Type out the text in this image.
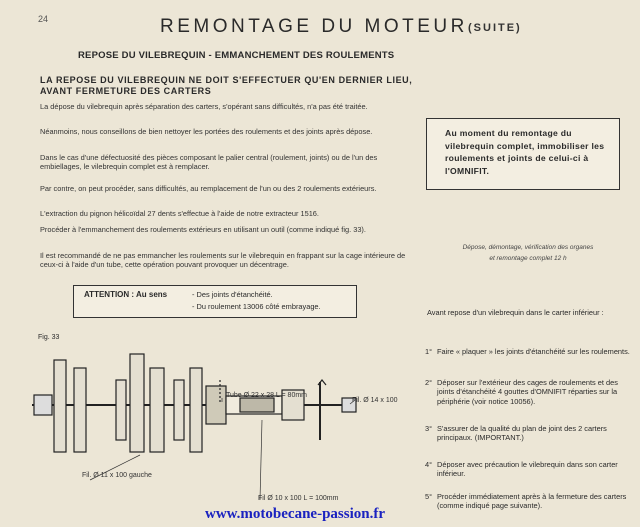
24	REMONTAGE DU MOTEUR (SUITE)
REPOSE DU VILEBREQUIN - EMMANCHEMENT DES ROULEMENTS
LA REPOSE DU VILEBREQUIN NE DOIT S'EFFECTUER QU'EN DERNIER LIEU, AVANT FERMETURE DES CARTERS
La dépose du vilebrequin après séparation des carters, s'opérant sans difficultés, n'a pas été traitée.
Néanmoins, nous conseillons de bien nettoyer les portées des roulements et des joints après dépose.
Dans le cas d'une défectuosité des pièces composant le palier central (roulement, joints) ou de l'un des embiellages, le vilebrequin complet est à remplacer.
Par contre, on peut procéder, sans difficultés, au remplacement de l'un ou des 2 roulements extérieurs.
L'extraction du pignon hélicoïdal 27 dents s'effectue à l'aide de notre extracteur 1516.
Procéder à l'emmanchement des roulements extérieurs en utilisant un outil (comme indiqué fig. 33).
Il est recommandé de ne pas emmancher les roulements sur le vilebrequin en frappant sur la cage intérieure de ceux-ci à l'aide d'un tube, cette opération pouvant provoquer un décentrage.
ATTENTION : Au sens	- Des joints d'étanchéité.
- Du roulement 13006 côté embrayage.
Au moment du remontage du vilebrequin complet, immobiliser les roulements et joints de celui-ci à l'OMNIFIT.
Dépose, démontage, vérification des organes
et remontage complet 12 h
Avant repose d'un vilebrequin dans le carter inférieur :
1° Faire « plaquer » les joints d'étanchéité sur les roulements.
2° Déposer sur l'extérieur des cages de roulements et des joints d'étanchéité 4 gouttes d'OMNIFIT réparties sur la périphérie (voir notice 10056).
3° S'assurer de la qualité du plan de joint des 2 carters principaux. (IMPORTANT.)
4° Déposer avec précaution le vilebrequin dans son carter inférieur.
5° Procéder immédiatement après à la fermeture des carters (comme indiqué page suivante).
Fig. 33
Tube Ø 22 x 28 L = 80mm
Fil. Ø 14 x 100
Fil. Ø 11 x 100 gauche
Fil Ø 10 x 100 L = 100mm
www.motobecane-passion.fr
